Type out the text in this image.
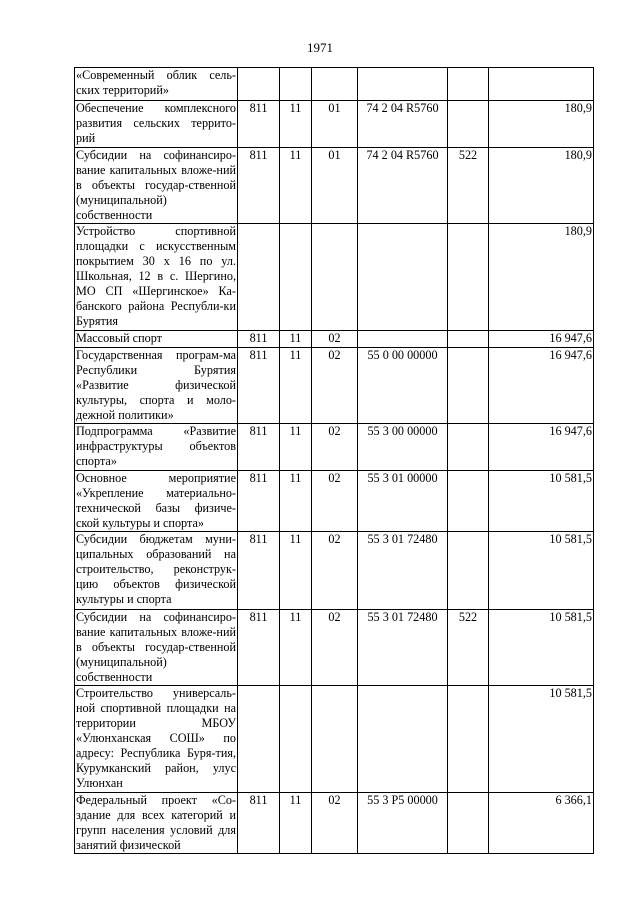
1971
«Современный облик сель-ских территорий»						
Обеспечение комплексного развития сельских террито-рий	811	11	01	74 2 04 R5760		180,9
Субсидии на софинансиро-вание капитальных вложе-ний в объекты государ-ственной (муниципальной) собственности	811	11	01	74 2 04 R5760	522	180,9
Устройство спортивной площадки с искусственным покрытием 30 х 16 по ул. Школьная, 12 в с. Шергино, МО СП «Шергинское» Ка-банского района Республи-ки Бурятия						180,9
Массовый спорт	811	11	02			16 947,6
Государственная програм-ма Республики Бурятия «Развитие физической культуры, спорта и моло-дежной политики»	811	11	02	55 0 00 00000		16 947,6
Подпрограмма «Развитие инфраструктуры объектов спорта»	811	11	02	55 3 00 00000		16 947,6
Основное мероприятие «Укрепление материально-технической базы физиче-ской культуры и спорта»	811	11	02	55 3 01 00000		10 581,5
Субсидии бюджетам муни-ципальных образований на строительство, реконструк-цию объектов физической культуры и спорта	811	11	02	55 3 01 72480		10 581,5
Субсидии на софинансиро-вание капитальных вложе-ний в объекты государ-ственной (муниципальной) собственности	811	11	02	55 3 01 72480	522	10 581,5
Строительство универсаль-ной спортивной площадки на территории МБОУ «Улюнханская СОШ» по адресу: Республика Буря-тия, Курумканский район, улус Улюнхан						10 581,5
Федеральный проект «Со-здание для всех категорий и групп населения условий для занятий физической	811	11	02	55 3 P5 00000		6 366,1
